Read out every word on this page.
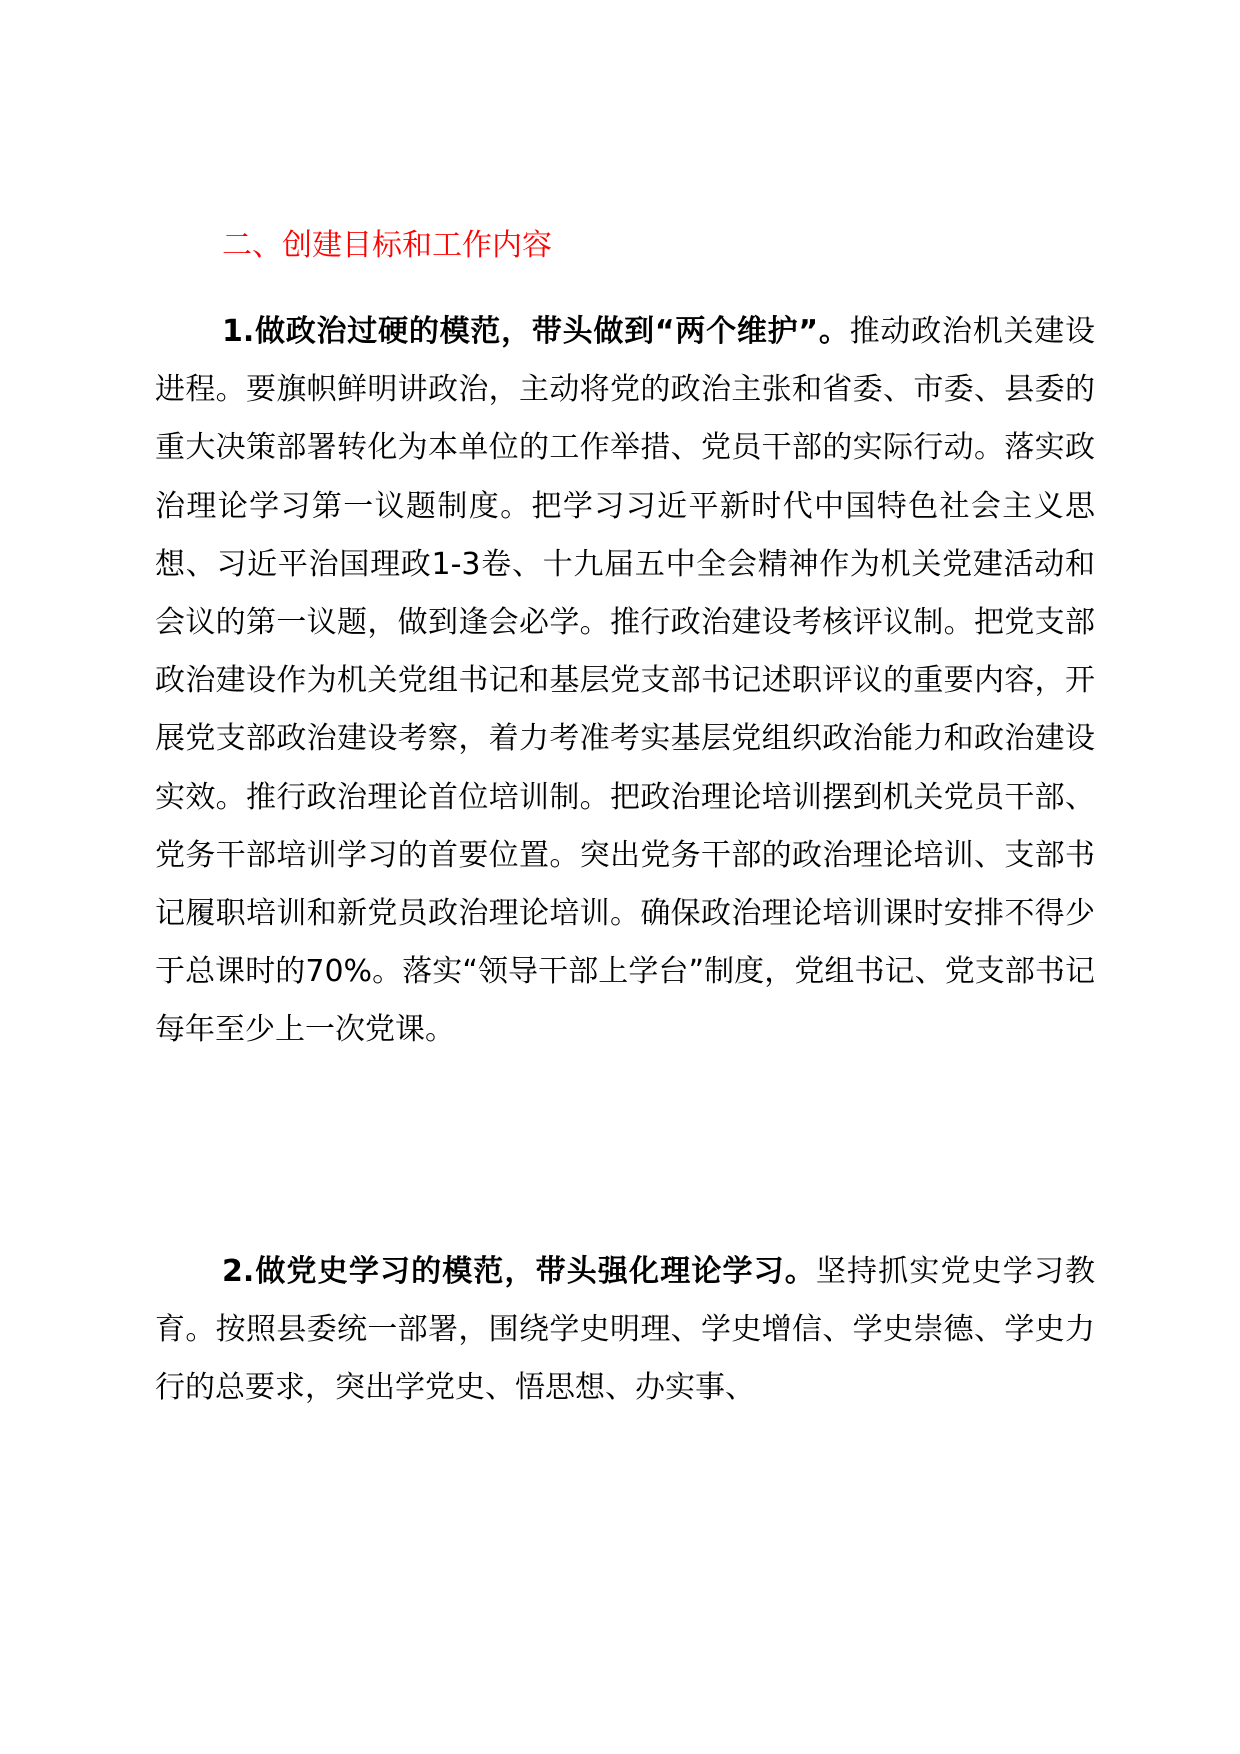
二、创建目标和工作内容

1.做政治过硬的模范，带头做到“两个维护”。推动政治机关建设进程。要旗帜鲜明讲政治，主动将党的政治主张和省委、市委、县委的重大决策部署转化为本单位的工作举措、党员干部的实际行动。落实政治理论学习第一议题制度。把学习习近平新时代中国特色社会主义思想、习近平治国理政1-3卷、十九届五中全会精神作为机关党建活动和会议的第一议题，做到逢会必学。推行政治建设考核评议制。把党支部政治建设作为机关党组书记和基层党支部书记述职评议的重要内容，开展党支部政治建设考察，着力考准考实基层党组织政治能力和政治建设实效。推行政治理论首位培训制。把政治理论培训摆到机关党员干部、党务干部培训学习的首要位置。突出党务干部的政治理论培训、支部书记履职培训和新党员政治理论培训。确保政治理论培训课时安排不得少于总课时的70%。落实“领导干部上学台”制度，党组书记、党支部书记每年至少上一次党课。

2.做党史学习的模范，带头强化理论学习。坚持抓实党史学习教育。按照县委统一部署，围绕学史明理、学史增信、学史崇德、学史力行的总要求，突出学党史、悟思想、办实事、
